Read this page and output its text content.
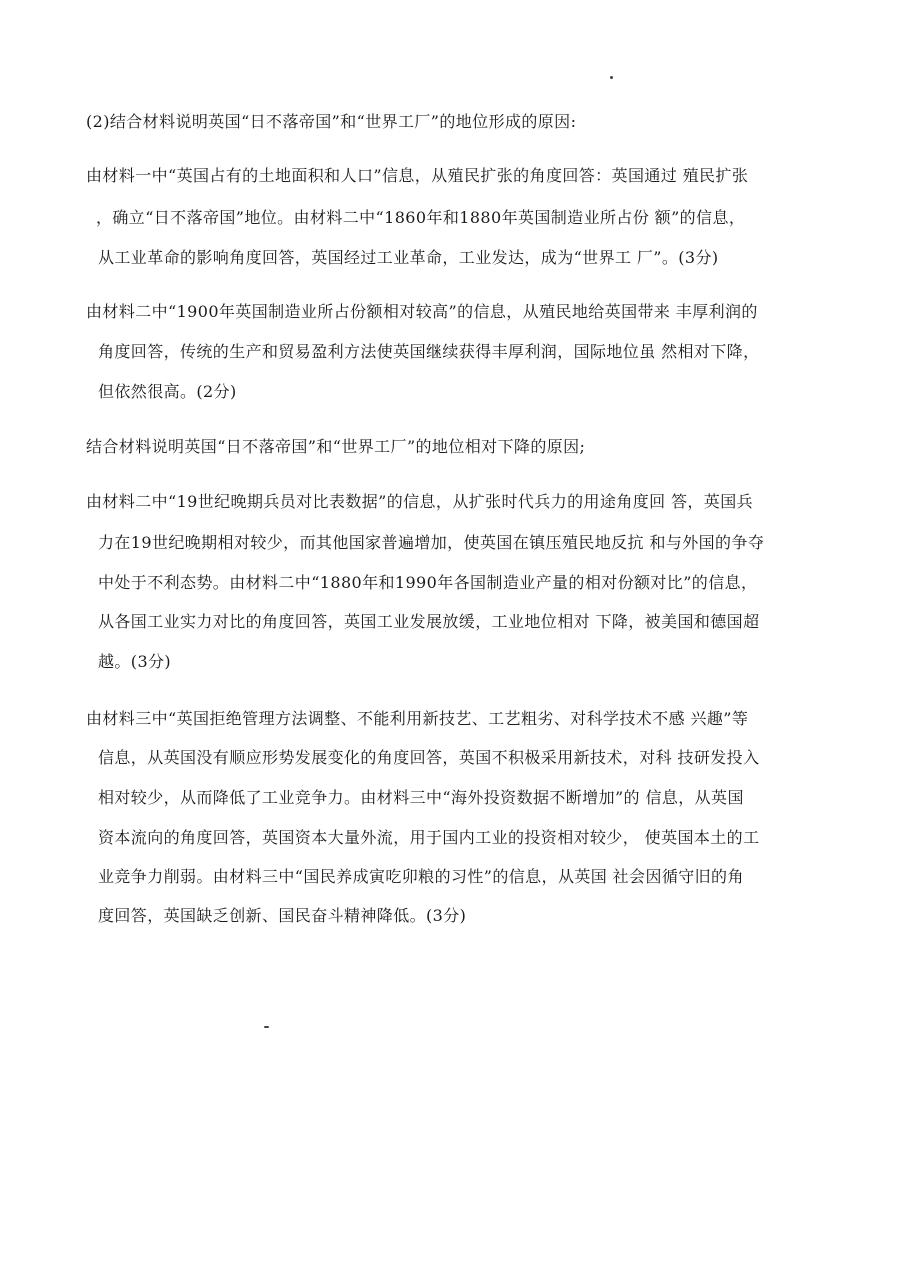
(2)结合材料说明英国“日不落帝国”和“世界工厂”的地位形成的原因:
由材料一中“英国占有的土地面积和人口”信息，从殖民扩张的角度回答：英国通过 殖民扩张
，确立“日不落帝国”地位。由材料二中“1860年和1880年英国制造业所占份 额”的信息，
从工业革命的影响角度回答，英国经过工业革命，工业发达，成为“世界工 厂”。(3分)
由材料二中“1900年英国制造业所占份额相对较高”的信息，从殖民地给英国带来 丰厚利润的
角度回答，传统的生产和贸易盈利方法使英国继续获得丰厚利润，国际地位虽 然相对下降，
但依然很高。(2分)
结合材料说明英国“日不落帝国”和“世界工厂”的地位相对下降的原因;
由材料二中“19世纪晚期兵员对比表数据”的信息，从扩张时代兵力的用途角度回 答，英国兵
力在19世纪晚期相对较少，而其他国家普遍增加，使英国在镇压殖民地反抗 和与外国的争夺
中处于不利态势。由材料二中“1880年和1990年各国制造业产量的相对份额对比”的信息，
从各国工业实力对比的角度回答，英国工业发展放缓，工业地位相对 下降，被美国和德国超
越。(3分)
由材料三中“英国拒绝管理方法调整、不能利用新技艺、工艺粗劣、对科学技术不感 兴趣”等
信息，从英国没有顺应形势发展变化的角度回答，英国不积极采用新技术，对科 技研发投入
相对较少，从而降低了工业竞争力。由材料三中“海外投资数据不断增加”的 信息，从英国
资本流向的角度回答，英国资本大量外流，用于国内工业的投资相对较少， 使英国本土的工
业竞争力削弱。由材料三中“国民养成寅吃卯粮的习性”的信息，从英国 社会因循守旧的角
度回答，英国缺乏创新、国民奋斗精神降低。(3分)
